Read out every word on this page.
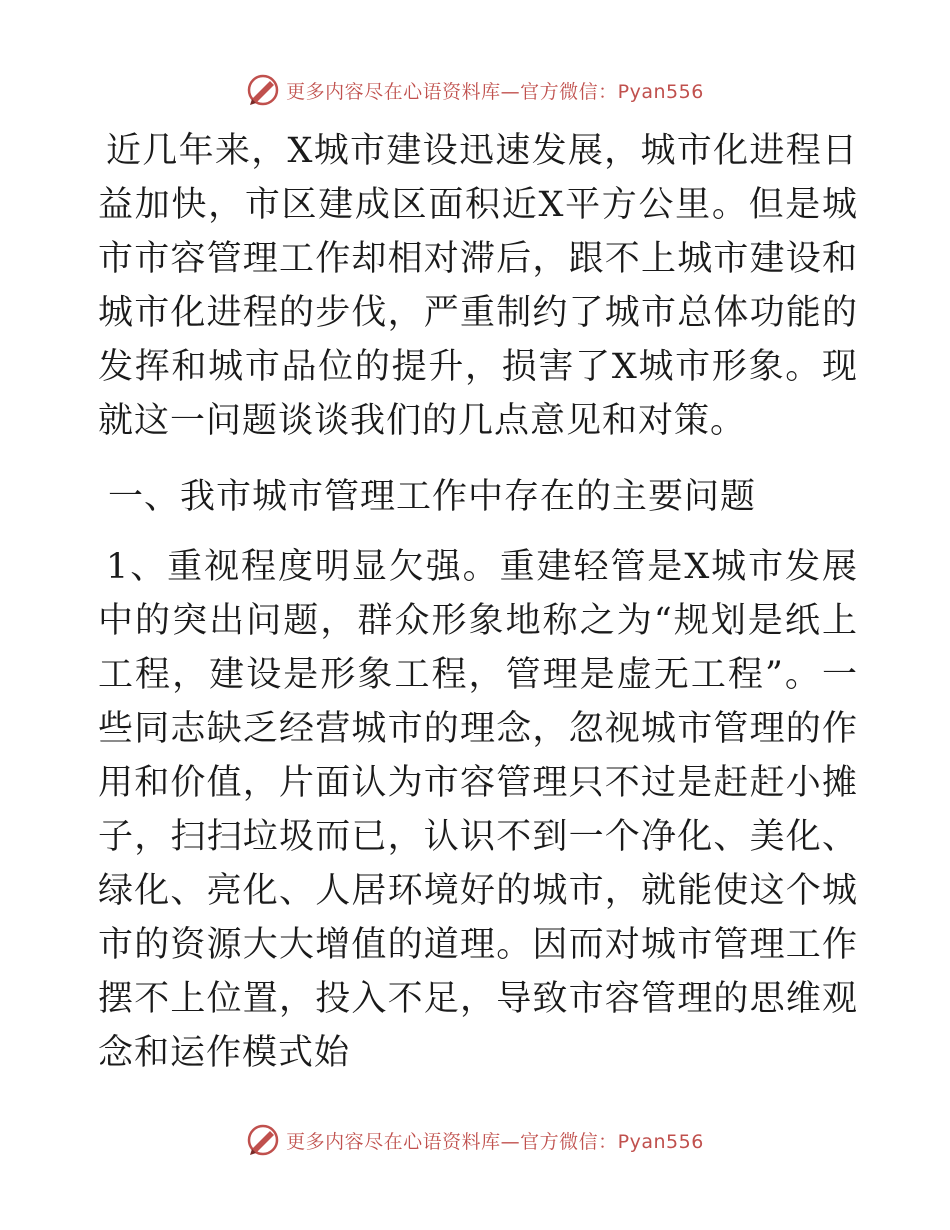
更多内容尽在心语资料库—官方微信：Pyan556

近几年来，X城市建设迅速发展，城市化进程日益加快，市区建成区面积近X平方公里。但是城市市容管理工作却相对滞后，跟不上城市建设和城市化进程的步伐，严重制约了城市总体功能的发挥和城市品位的提升，损害了X城市形象。现就这一问题谈谈我们的几点意见和对策。

一、我市城市管理工作中存在的主要问题

1、重视程度明显欠强。重建轻管是X城市发展中的突出问题，群众形象地称之为“规划是纸上工程，建设是形象工程，管理是虚无工程”。一些同志缺乏经营城市的理念，忽视城市管理的作用和价值，片面认为市容管理只不过是赶赶小摊子，扫扫垃圾而已，认识不到一个净化、美化、绿化、亮化、人居环境好的城市，就能使这个城市的资源大大增值的道理。因而对城市管理工作摆不上位置，投入不足，导致市容管理的思维观念和运作模式始

更多内容尽在心语资料库—官方微信：Pyan556
